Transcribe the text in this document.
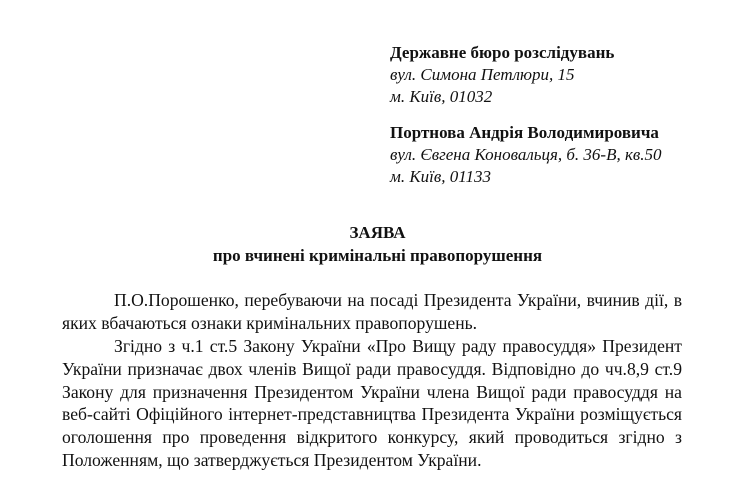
Державне бюро розслідувань
вул. Симона Петлюри, 15
м. Київ, 01032
Портнова Андрія Володимировича
вул. Євгена Коновальця, б. 36-В, кв.50
м. Київ, 01133
ЗАЯВА
про вчинені кримінальні правопорушення
П.О.Порошенко, перебуваючи на посаді Президента України, вчинив дії, в яких вбачаються ознаки кримінальних правопорушень.
Згідно з ч.1 ст.5 Закону України «Про Вищу раду правосуддя» Президент України призначає двох членів Вищої ради правосуддя. Відповідно до чч.8,9 ст.9 Закону для призначення Президентом України члена Вищої ради правосуддя на веб-сайті Офіційного інтернет-представництва Президента України розміщується оголошення про проведення відкритого конкурсу, який проводиться згідно з Положенням, що затверджується Президентом України.
